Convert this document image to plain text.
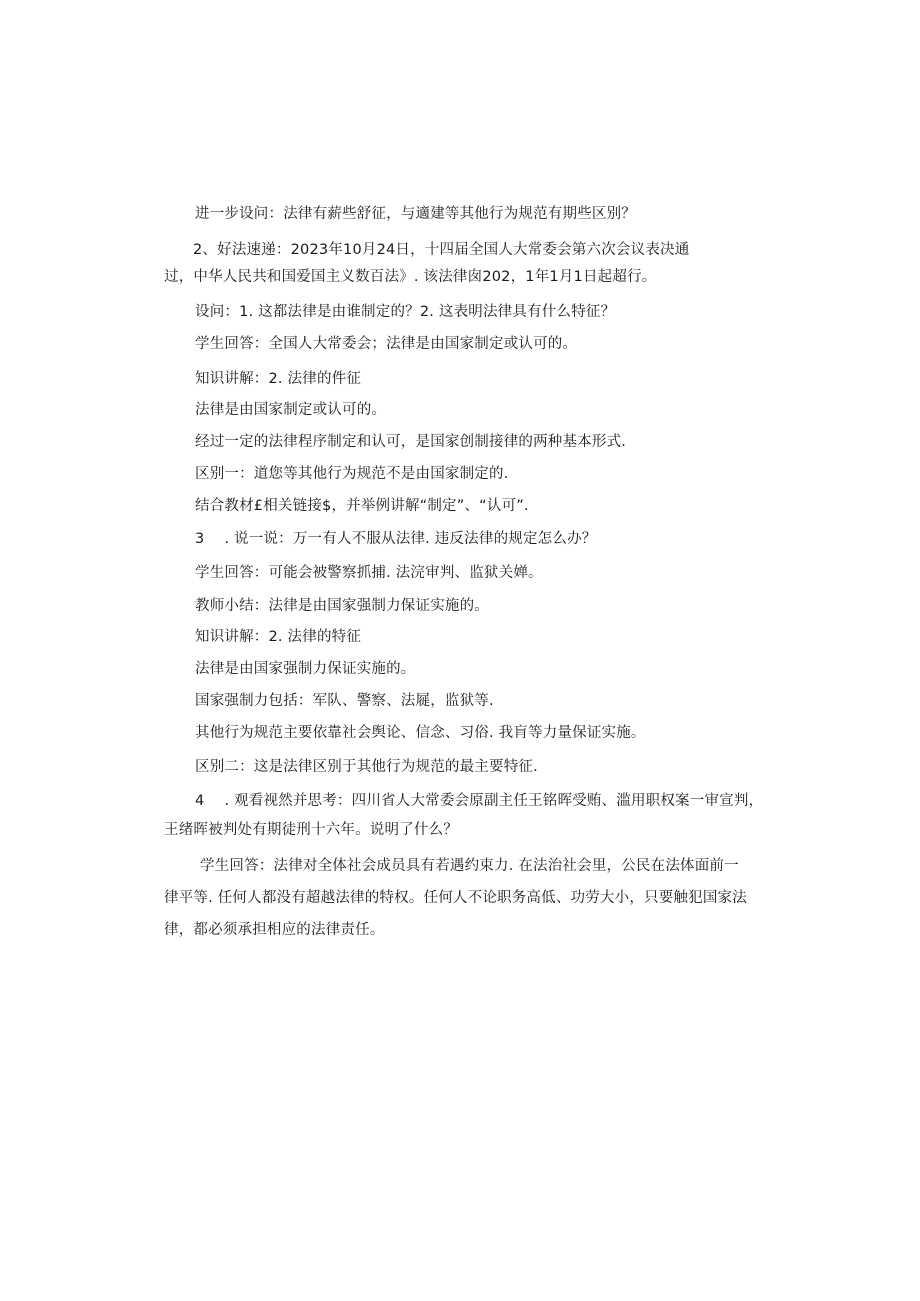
进一步设问：法律有薪些舒征，与適建等其他行为规范有期些区别？
2、好法速递：2023年10月24日，十四届全国人大常委会第六次会议表决通
过，中华人民共和国爱国主义数百法》. 该法律囱202，1年1月1日起超行。
设问：1. 这都法律是由谁制定的？2. 这表明法律具有什么特征？
学生回答：全国人大常委会；法律是由国家制定或认可的。
知识讲解：2. 法律的件征
法律是由国家制定或认可的。
经过一定的法律程序制定和认可，是国家创制接律的两种基本形式.
区别一：道您等其他行为规范不是由国家制定的.
结合教材£相关链接$，并举例讲解“制定”、“认可”.
3 . 说一说：万一有人不服从法律. 违反法律的规定怎么办？
学生回答：可能会被警察抓捕. 法浣审判、监狱关婵。
教师小结：法律是由国家强制力保证实施的。
知识讲解：2. 法律的特征
法律是由国家强制力保证实施的。
国家强制力包括：军队、警察、法屣，监狱等.
其他行为规范主要依靠社会舆论、信念、习俗. 我肓等力量保证实施。
区别二：这是法律区别于其他行为规范的最主要特征.
4 . 观看视然并思考：四川省人大常委会原副主任王铭晖受贿、滥用职权案一审宣判，
王绪晖被判处有期徒刑十六年。说明了什么？
学生回答：法律对全体社会成员具有若遇约束力. 在法治社会里，公民在法体面前一
律平等. 任何人都没有超越法律的特权。任何人不论职务高低、功劳大小，只要触犯国家法
律，都必须承担相应的法律责任。
